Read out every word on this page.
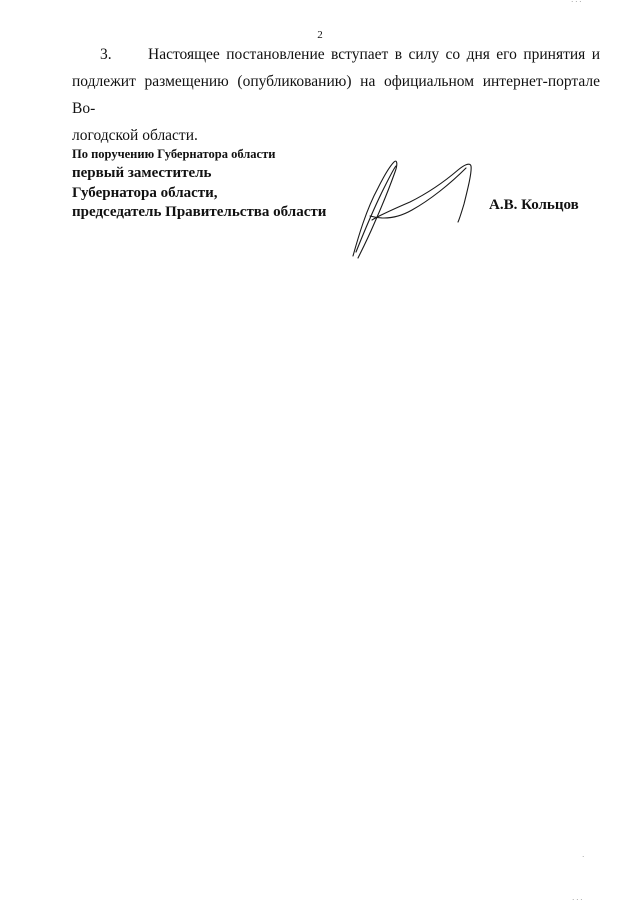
2
3. Настоящее постановление вступает в силу со дня его принятия и
подлежит размещению (опубликованию) на официальном интернет-портале Во-
логодской области.
По поручению Губернатора области
первый заместитель
Губернатора области,
председатель Правительства области	А.В. Кольцов
· · ·
·
· · ·
